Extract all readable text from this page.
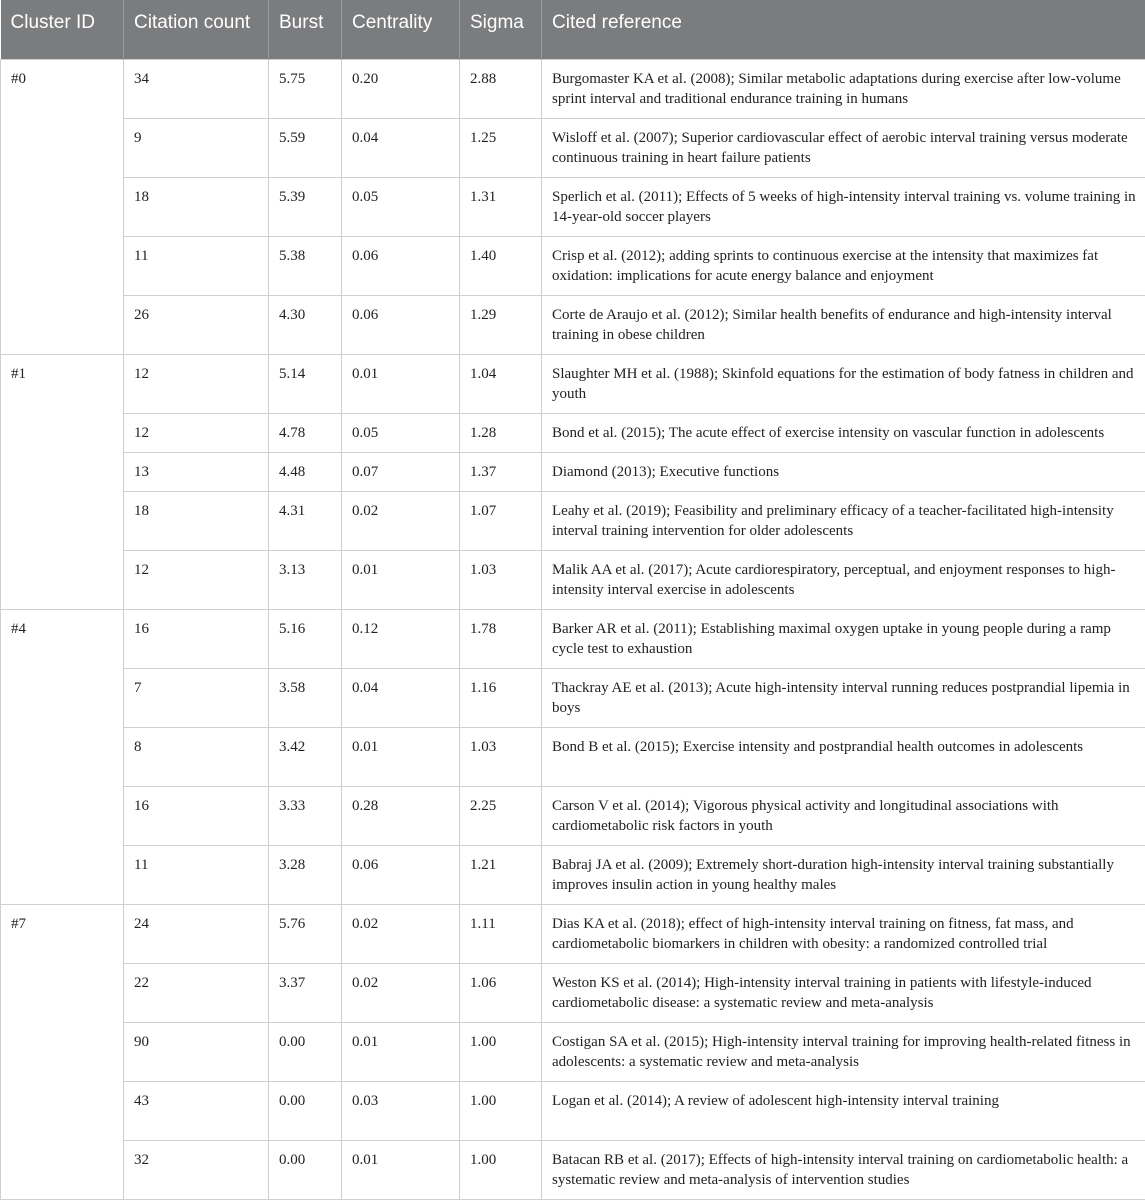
Cluster ID	Citation count	Burst	Centrality	Sigma	Cited reference
#0	34	5.75	0.20	2.88	Burgomaster KA et al. (2008); Similar metabolic adaptations during exercise after low-volume sprint interval and traditional endurance training in humans
	9	5.59	0.04	1.25	Wisloff et al. (2007); Superior cardiovascular effect of aerobic interval training versus moderate continuous training in heart failure patients
	18	5.39	0.05	1.31	Sperlich et al. (2011); Effects of 5 weeks of high-intensity interval training vs. volume training in 14-year-old soccer players
	11	5.38	0.06	1.40	Crisp et al. (2012); adding sprints to continuous exercise at the intensity that maximizes fat oxidation: implications for acute energy balance and enjoyment
	26	4.30	0.06	1.29	Corte de Araujo et al. (2012); Similar health benefits of endurance and high-intensity interval training in obese children
#1	12	5.14	0.01	1.04	Slaughter MH et al. (1988); Skinfold equations for the estimation of body fatness in children and youth
	12	4.78	0.05	1.28	Bond et al. (2015); The acute effect of exercise intensity on vascular function in adolescents
	13	4.48	0.07	1.37	Diamond (2013); Executive functions
	18	4.31	0.02	1.07	Leahy et al. (2019); Feasibility and preliminary efficacy of a teacher-facilitated high-intensity interval training intervention for older adolescents
	12	3.13	0.01	1.03	Malik AA et al. (2017); Acute cardiorespiratory, perceptual, and enjoyment responses to high-intensity interval exercise in adolescents
#4	16	5.16	0.12	1.78	Barker AR et al. (2011); Establishing maximal oxygen uptake in young people during a ramp cycle test to exhaustion
	7	3.58	0.04	1.16	Thackray AE et al. (2013); Acute high-intensity interval running reduces postprandial lipemia in boys
	8	3.42	0.01	1.03	Bond B et al. (2015); Exercise intensity and postprandial health outcomes in adolescents
	16	3.33	0.28	2.25	Carson V et al. (2014); Vigorous physical activity and longitudinal associations with cardiometabolic risk factors in youth
	11	3.28	0.06	1.21	Babraj JA et al. (2009); Extremely short-duration high-intensity interval training substantially improves insulin action in young healthy males
#7	24	5.76	0.02	1.11	Dias KA et al. (2018); effect of high-intensity interval training on fitness, fat mass, and cardiometabolic biomarkers in children with obesity: a randomized controlled trial
	22	3.37	0.02	1.06	Weston KS et al. (2014); High-intensity interval training in patients with lifestyle-induced cardiometabolic disease: a systematic review and meta-analysis
	90	0.00	0.01	1.00	Costigan SA et al. (2015); High-intensity interval training for improving health-related fitness in adolescents: a systematic review and meta-analysis
	43	0.00	0.03	1.00	Logan et al. (2014); A review of adolescent high-intensity interval training
	32	0.00	0.01	1.00	Batacan RB et al. (2017); Effects of high-intensity interval training on cardiometabolic health: a systematic review and meta-analysis of intervention studies
